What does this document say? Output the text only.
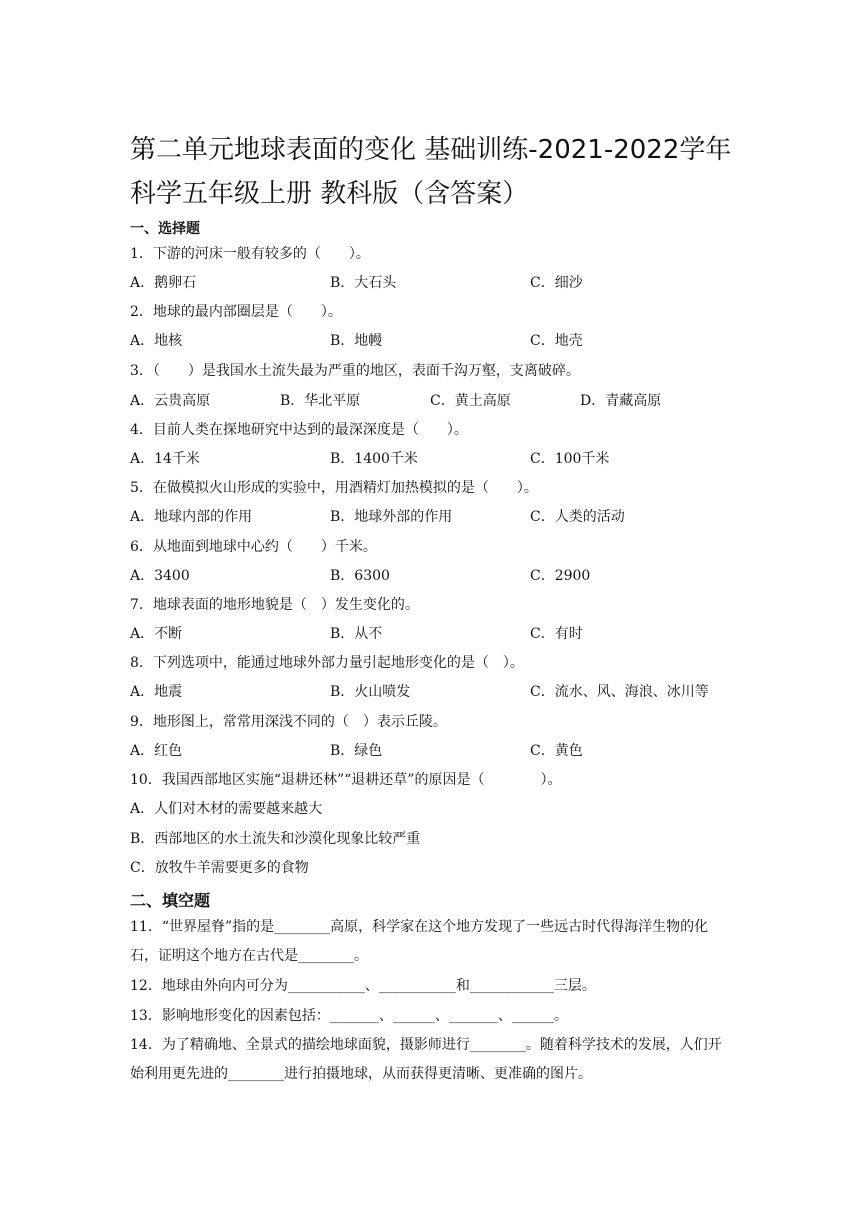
第二单元地球表面的变化 基础训练-2021-2022学年科学五年级上册 教科版（含答案）
一、选择题
1．下游的河床一般有较多的（　　）。
A．鹅卵石	B．大石头	C．细沙
2．地球的最内部圈层是（　　）。
A．地核	B．地幔	C．地壳
3．（　　）是我国水土流失最为严重的地区，表面千沟万壑，支离破碎。
A．云贵高原	B．华北平原	C．黄土高原	D．青藏高原
4．目前人类在探地研究中达到的最深深度是（　　）。
A．14千米	B．1400千米	C．100千米
5．在做模拟火山形成的实验中，用酒精灯加热模拟的是（　　）。
A．地球内部的作用	B．地球外部的作用	C．人类的活动
6．从地面到地球中心约（　　）千米。
A．3400	B．6300	C．2900
7．地球表面的地形地貌是（　）发生变化的。
A．不断	B．从不	C．有时
8．下列选项中，能通过地球外部力量引起地形变化的是（　）。
A．地震	B．火山喷发	C．流水、风、海浪、冰川等
9．地形图上，常常用深浅不同的（　）表示丘陵。
A．红色	B．绿色	C．黄色
10．我国西部地区实施“退耕还林”“退耕还草”的原因是（　　　　）。
A．人们对木材的需要越来越大
B．西部地区的水土流失和沙漠化现象比较严重
C．放牧牛羊需要更多的食物
二、填空题
11．“世界屋脊”指的是________高原，科学家在这个地方发现了一些远古时代得海洋生物的化石，证明这个地方在古代是________。
12．地球由外向内可分为___________、___________和____________三层。
13．影响地形变化的因素包括：_______、______、_______、______。
14．为了精确地、全景式的描绘地球面貌，摄影师进行________。随着科学技术的发展，人们开始利用更先进的________进行拍摄地球，从而获得更清晰、更准确的图片。
